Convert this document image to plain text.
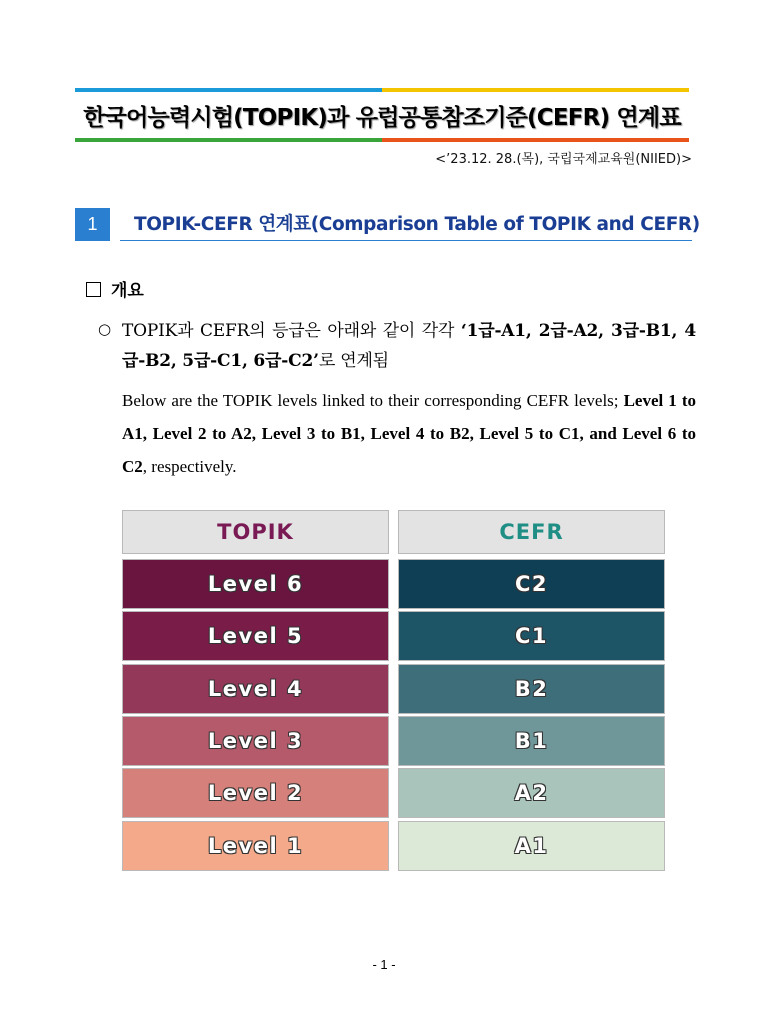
한국어능력시험(TOPIK)과 유럽공통참조기준(CEFR) 연계표
<’23.12. 28.(목), 국립국제교육원(NIIED)>
1	TOPIK-CEFR 연계표(Comparison Table of TOPIK and CEFR)
개요
○ TOPIK과 CEFR의 등급은 아래와 같이 각각 ‘1급-A1, 2급-A2, 3급-B1, 4급-B2, 5급-C1, 6급-C2’로 연계됨
Below are the TOPIK levels linked to their corresponding CEFR levels; Level 1 to A1, Level 2 to A2, Level 3 to B1, Level 4 to B2, Level 5 to C1, and Level 6 to C2, respectively.
TOPIK	CEFR
Level 6	C2
Level 5	C1
Level 4	B2
Level 3	B1
Level 2	A2
Level 1	A1
- 1 -
